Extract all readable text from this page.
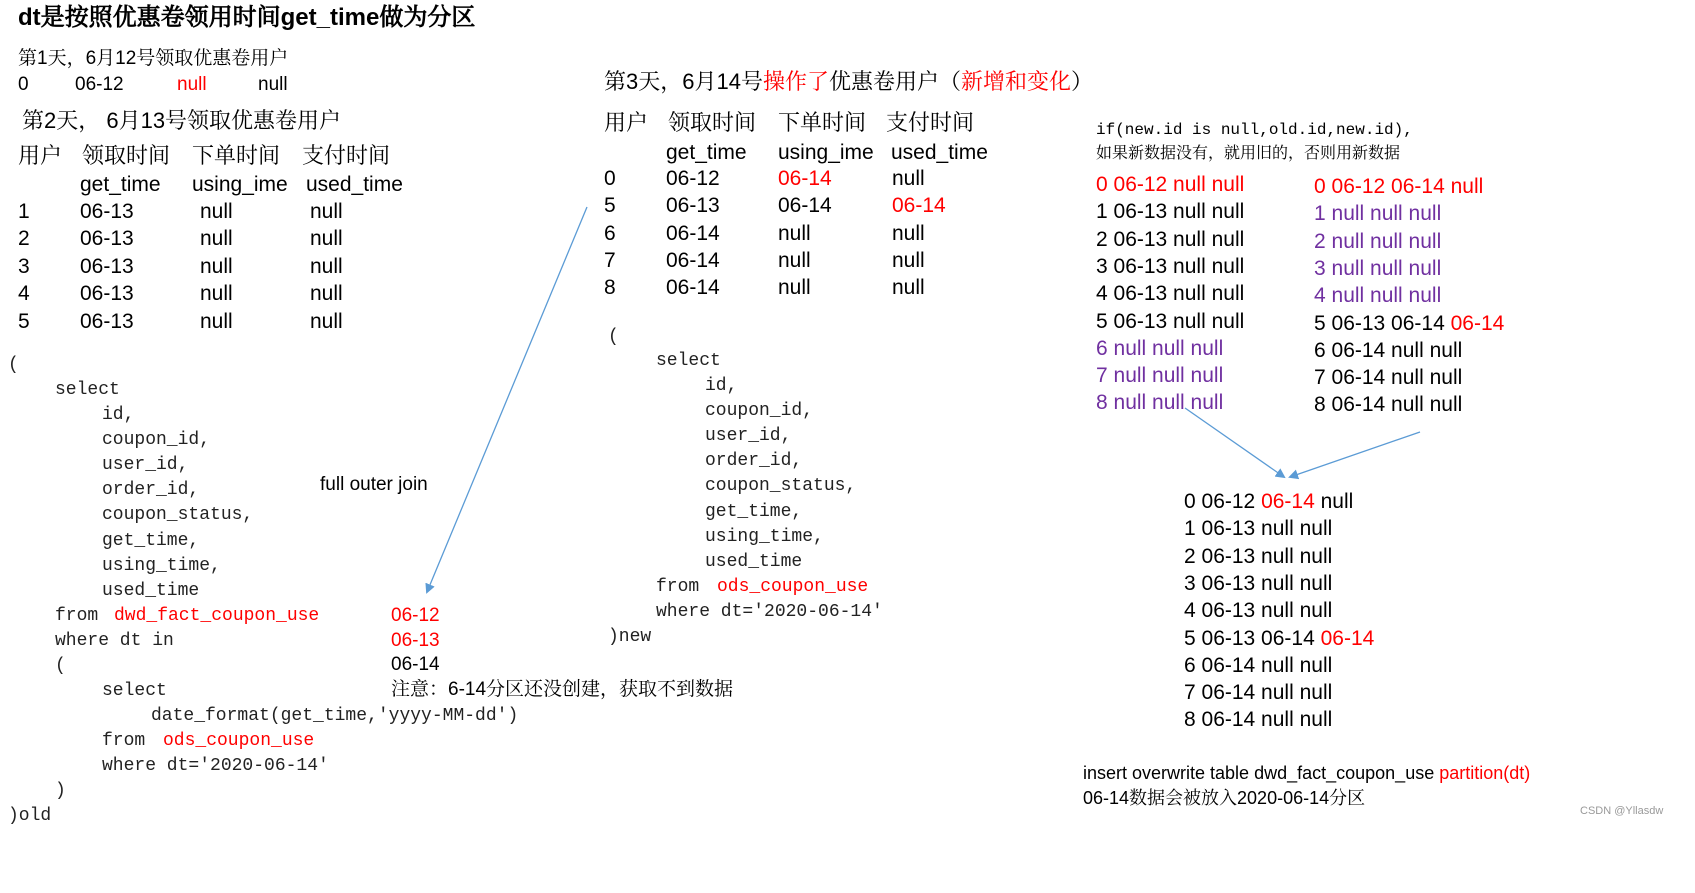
dt是按照优惠卷领用时间get_time做为分区
第1天，6月12号领取优惠卷用户
0 06-12	null	null
第2天， 6月13号领取优惠卷用户
用户 领取时间 下单时间 支付时间
get_time using_ime used_time
1 06-13	null	null
2 06-13	null	null
3 06-13	null	null
4 06-13	null	null
5 06-13	null	null
(
select
id,
coupon_id,
user_id,
order_id,
coupon_status,
get_time,
using_time,
used_time
from dwd_fact_coupon_use
where dt in
(
select
date_format(get_time,'yyyy-MM-dd')
from ods_coupon_use
where dt='2020-06-14'
)
)old
full outer join
06-12
06-13
06-14
注意：6-14分区还没创建，获取不到数据
第3天，6月14号操作了优惠卷用户（新增和变化）
用户 领取时间 下单时间 支付时间
get_time using_ime used_time
0 06-12	06-14	null
5 06-13	06-14	06-14
6 06-14	null	null
7 06-14	null	null
8 06-14	null	null
(
select
id,
coupon_id,
user_id,
order_id,
coupon_status,
get_time,
using_time,
used_time
from ods_coupon_use
where dt='2020-06-14'
)new
if(new.id is null,old.id,new.id),
如果新数据没有，就用旧的，否则用新数据
0 06-12 null null
1 06-13 null null
2 06-13 null null
3 06-13 null null
4 06-13 null null
5 06-13 null null
6 null null null
7 null null null
8 null null null
0 06-12 06-14 null
1 null null null
2 null null null
3 null null null
4 null null null
5 06-13 06-14 06-14
6 06-14 null null
7 06-14 null null
8 06-14 null null
0 06-12 06-14 null
1 06-13 null null
2 06-13 null null
3 06-13 null null
4 06-13 null null
5 06-13 06-14 06-14
6 06-14 null null
7 06-14 null null
8 06-14 null null
insert overwrite table dwd_fact_coupon_use partition(dt)
06-14数据会被放入2020-06-14分区
CSDN @Yllasdw
